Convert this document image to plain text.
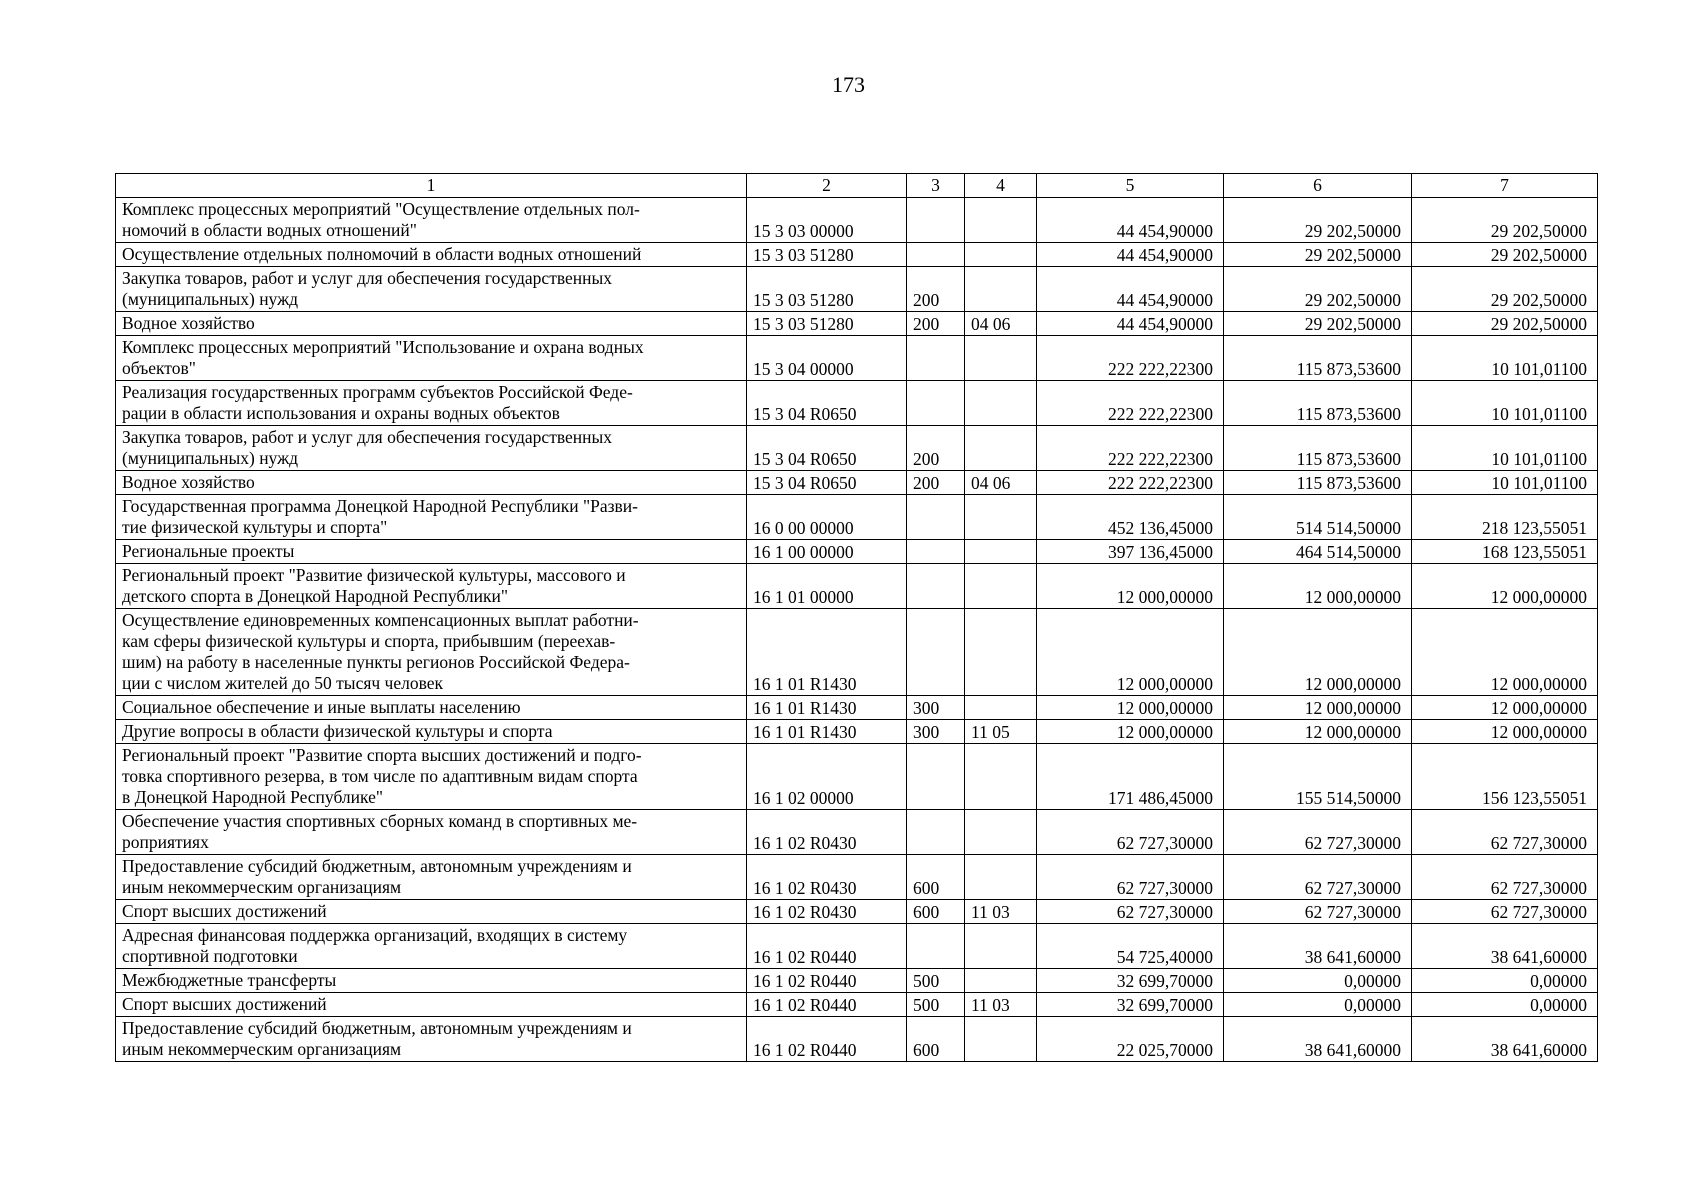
173
1	2	3	4	5	6	7
Комплекс процессных мероприятий "Осуществление отдельных пол-
номочий в области водных отношений"	15 3 03 00000			44 454,90000	29 202,50000	29 202,50000
Осуществление отдельных полномочий в области водных отношений	15 3 03 51280			44 454,90000	29 202,50000	29 202,50000
Закупка товаров, работ и услуг для обеспечения государственных
(муниципальных) нужд	15 3 03 51280	200		44 454,90000	29 202,50000	29 202,50000
Водное хозяйство	15 3 03 51280	200	04 06	44 454,90000	29 202,50000	29 202,50000
Комплекс процессных мероприятий "Использование и охрана водных
объектов"	15 3 04 00000			222 222,22300	115 873,53600	10 101,01100
Реализация государственных программ субъектов Российской Феде-
рации в области использования и охраны водных объектов	15 3 04 R0650			222 222,22300	115 873,53600	10 101,01100
Закупка товаров, работ и услуг для обеспечения государственных
(муниципальных) нужд	15 3 04 R0650	200		222 222,22300	115 873,53600	10 101,01100
Водное хозяйство	15 3 04 R0650	200	04 06	222 222,22300	115 873,53600	10 101,01100
Государственная программа Донецкой Народной Республики "Разви-
тие физической культуры и спорта"	16 0 00 00000			452 136,45000	514 514,50000	218 123,55051
Региональные проекты	16 1 00 00000			397 136,45000	464 514,50000	168 123,55051
Региональный проект "Развитие физической культуры, массового и
детского спорта в Донецкой Народной Республики"	16 1 01 00000			12 000,00000	12 000,00000	12 000,00000
Осуществление единовременных компенсационных выплат работни-
кам сферы физической культуры и спорта, прибывшим (переехав-
шим) на работу в населенные пункты регионов Российской Федера-
ции с числом жителей до 50 тысяч человек	16 1 01 R1430			12 000,00000	12 000,00000	12 000,00000
Социальное обеспечение и иные выплаты населению	16 1 01 R1430	300		12 000,00000	12 000,00000	12 000,00000
Другие вопросы в области физической культуры и спорта	16 1 01 R1430	300	11 05	12 000,00000	12 000,00000	12 000,00000
Региональный проект "Развитие спорта высших достижений и подго-
товка спортивного резерва, в том числе по адаптивным видам спорта
в Донецкой Народной Республике"	16 1 02 00000			171 486,45000	155 514,50000	156 123,55051
Обеспечение участия спортивных сборных команд в спортивных ме-
роприятиях	16 1 02 R0430			62 727,30000	62 727,30000	62 727,30000
Предоставление субсидий бюджетным, автономным учреждениям и
иным некоммерческим организациям	16 1 02 R0430	600		62 727,30000	62 727,30000	62 727,30000
Спорт высших достижений	16 1 02 R0430	600	11 03	62 727,30000	62 727,30000	62 727,30000
Адресная финансовая поддержка организаций, входящих в систему
спортивной подготовки	16 1 02 R0440			54 725,40000	38 641,60000	38 641,60000
Межбюджетные трансферты	16 1 02 R0440	500		32 699,70000	0,00000	0,00000
Спорт высших достижений	16 1 02 R0440	500	11 03	32 699,70000	0,00000	0,00000
Предоставление субсидий бюджетным, автономным учреждениям и
иным некоммерческим организациям	16 1 02 R0440	600		22 025,70000	38 641,60000	38 641,60000
